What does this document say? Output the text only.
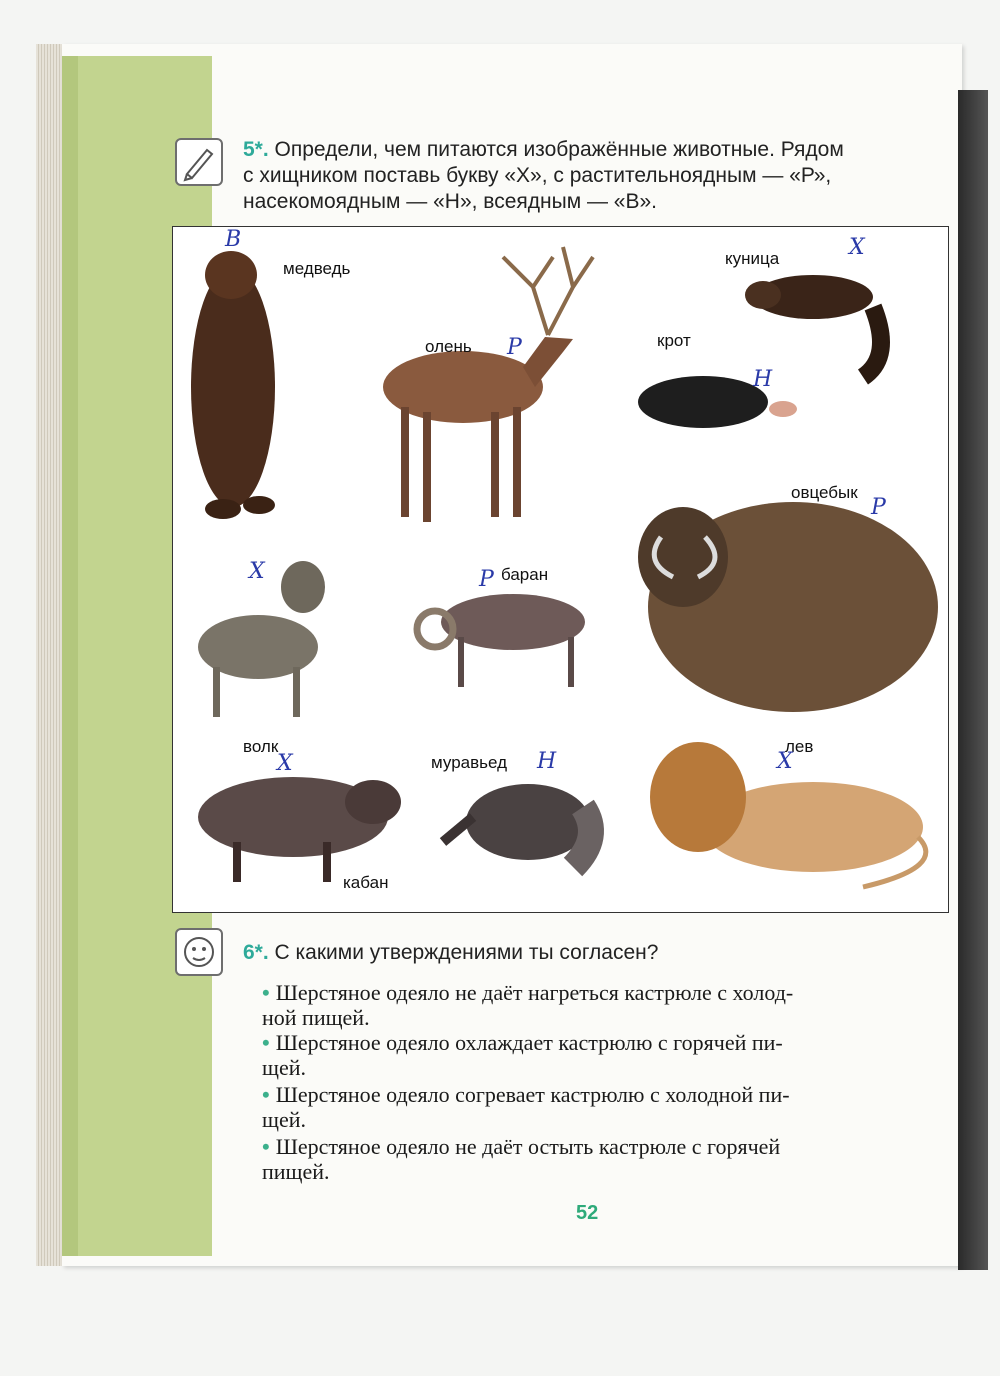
5*. Определи, чем питаются изображённые животные. Рядом
с хищником поставь букву «Х», с растительноядным — «Р»,
насекомоядным — «Н», всеядным — «В».
медведь
олень
куница
крот
овцебык
баран
волк	лев
муравьед
кабан
В
Р
Х
Н
Р
Р
Х
Х
Х	Н
6*. С какими утверждениями ты согласен?
• Шерстяное одеяло не даёт нагреться кастрюле с холод-
ной пищей.
• Шерстяное одеяло охлаждает кастрюлю с горячей пи-
щей.
• Шерстяное одеяло согревает кастрюлю с холодной пи-
щей.
• Шерстяное одеяло не даёт остыть кастрюле с горячей
пищей.
52
